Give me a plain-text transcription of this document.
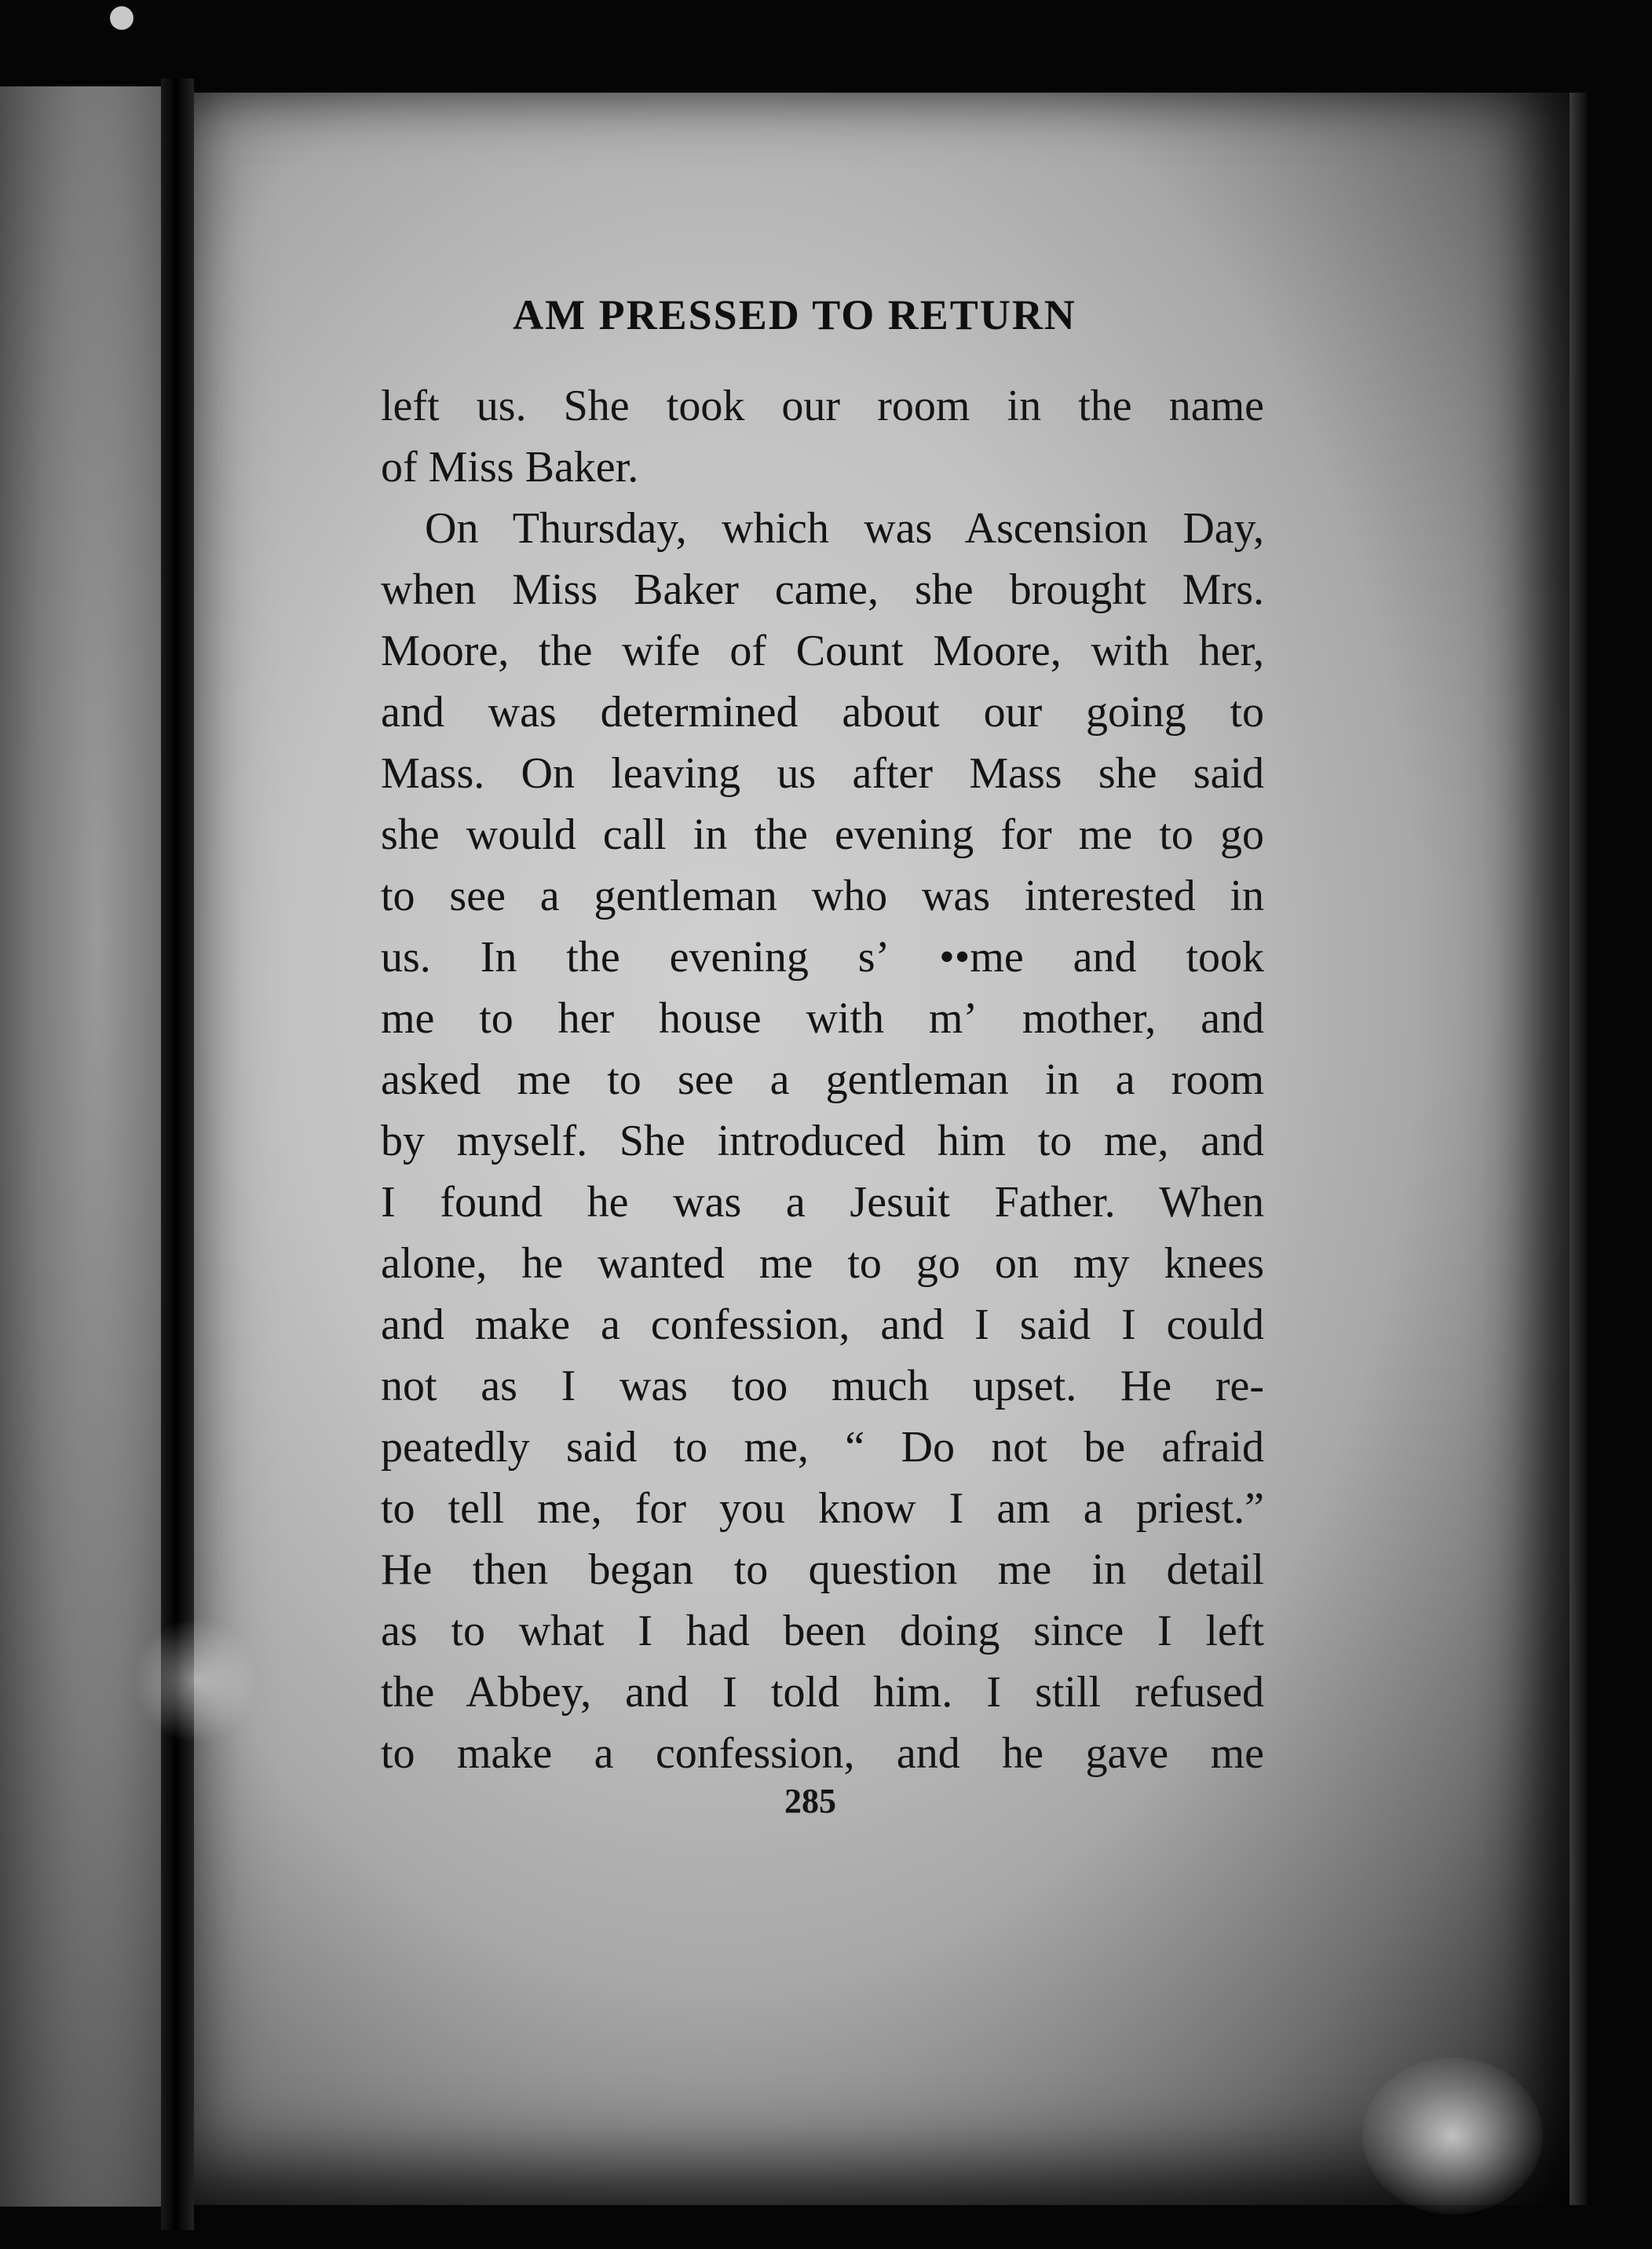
AM PRESSED TO RETURN
left us. She took our room in the name
of Miss Baker.
On Thursday, which was Ascension Day,
when Miss Baker came, she brought Mrs.
Moore, the wife of Count Moore, with her,
and was determined about our going to
Mass. On leaving us after Mass she said
she would call in the evening for me to go
to see a gentleman who was interested in
us. In the evening sʼ ••me and took
me to her house with mʼ mother, and
asked me to see a gentleman in a room
by myself. She introduced him to me, and
I found he was a Jesuit Father. When
alone, he wanted me to go on my knees
and make a confession, and I said I could
not as I was too much upset. He re-
peatedly said to me, “ Do not be afraid
to tell me, for you know I am a priest.”
He then began to question me in detail
as to what I had been doing since I left
the Abbey, and I told him. I still refused
to make a confession, and he gave me
285
